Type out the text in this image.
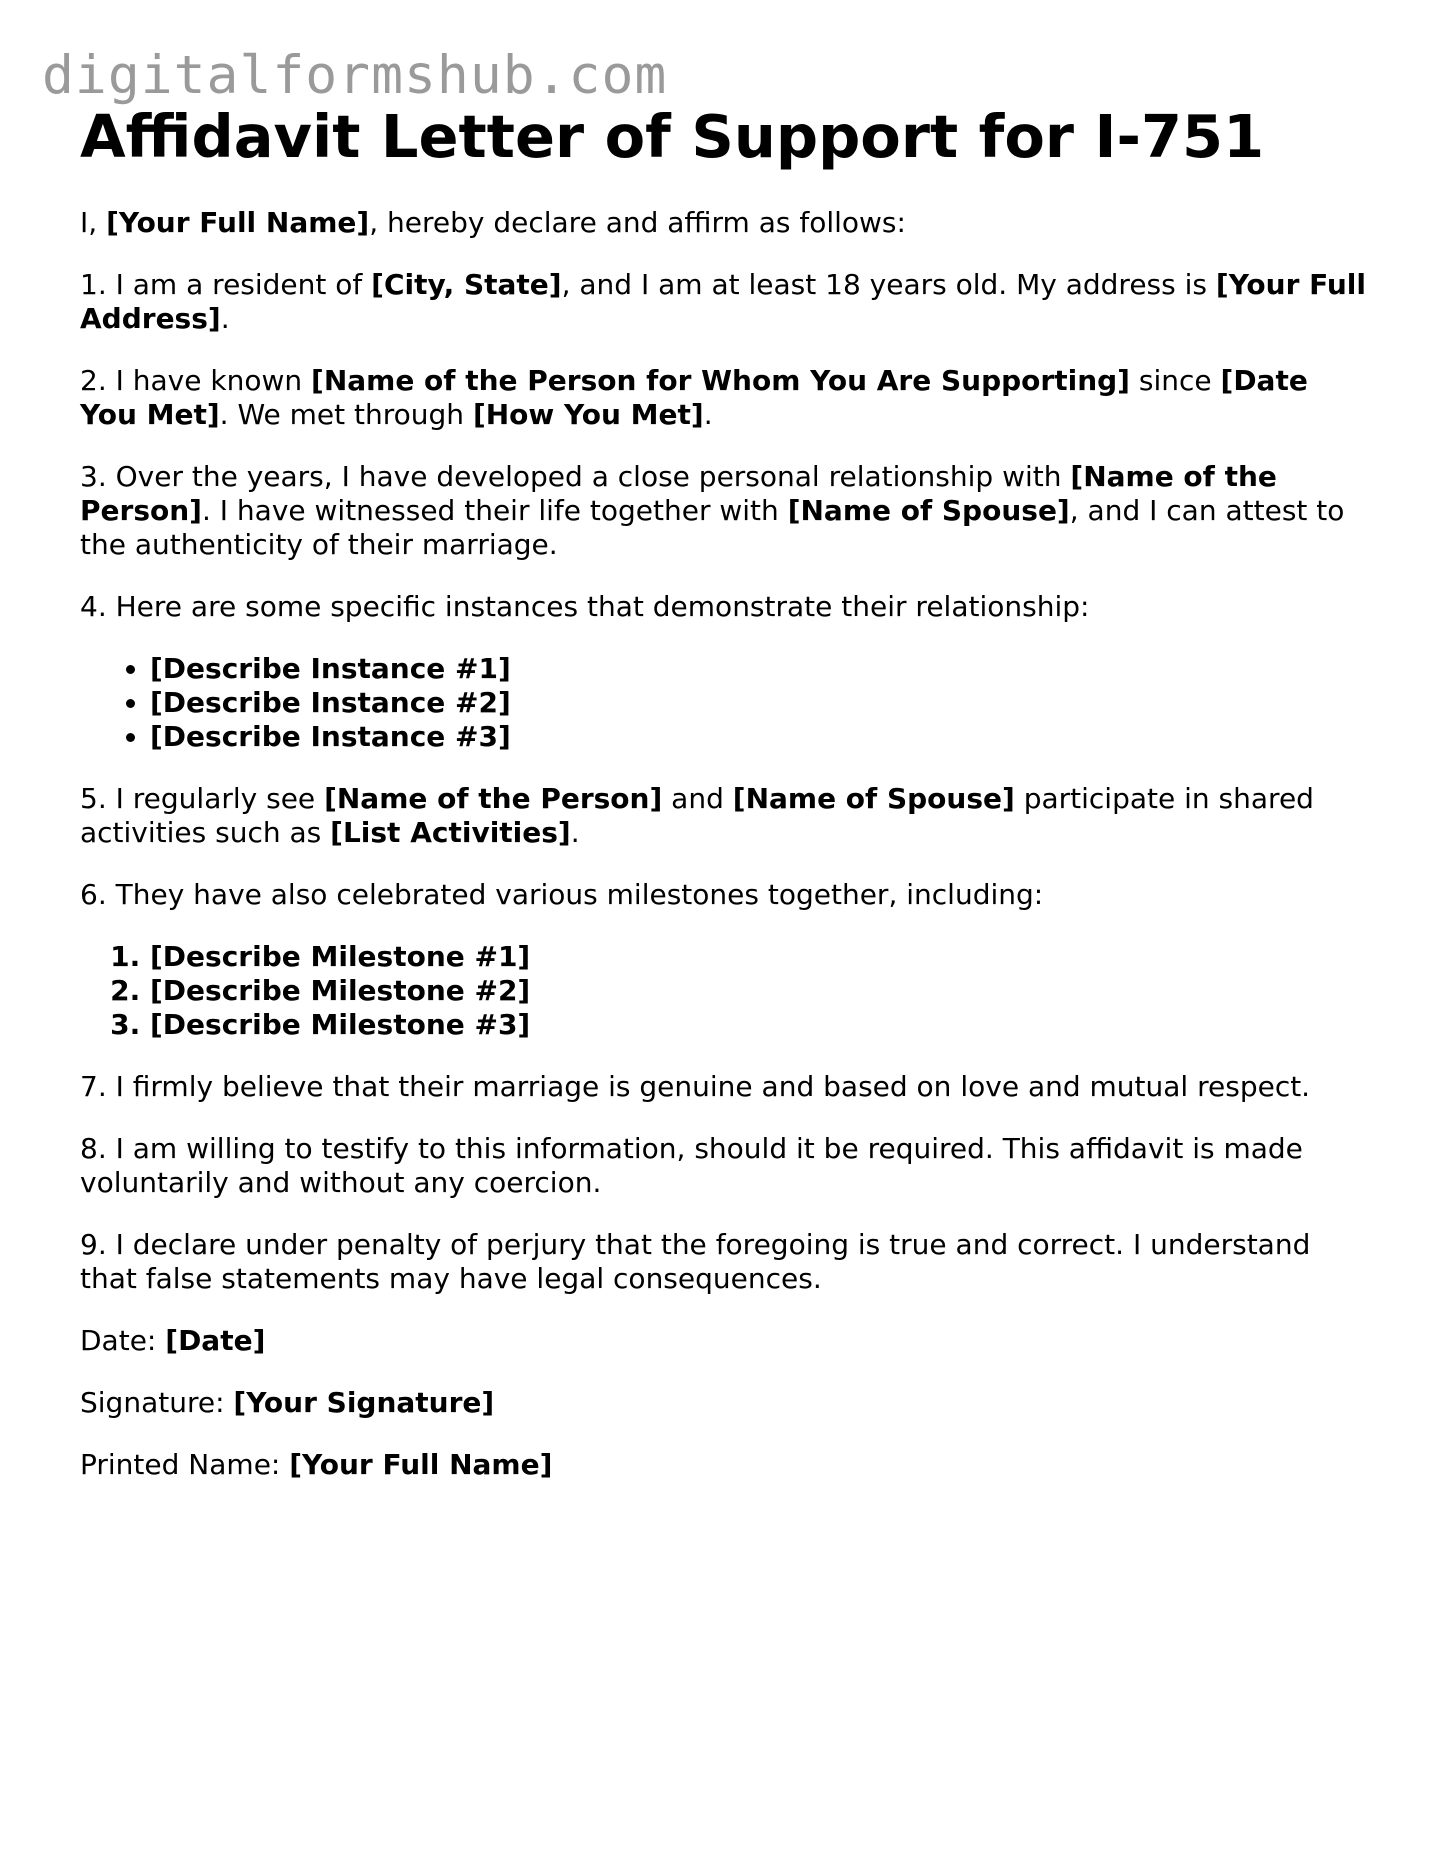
digitalformshub.com
Affidavit Letter of Support for I-751

I, [Your Full Name], hereby declare and affirm as follows:

1. I am a resident of [City, State], and I am at least 18 years old. My address is [Your Full Address].

2. I have known [Name of the Person for Whom You Are Supporting] since [Date You Met]. We met through [How You Met].

3. Over the years, I have developed a close personal relationship with [Name of the Person]. I have witnessed their life together with [Name of Spouse], and I can attest to the authenticity of their marriage.

4. Here are some specific instances that demonstrate their relationship:

• [Describe Instance #1]
• [Describe Instance #2]
• [Describe Instance #3]

5. I regularly see [Name of the Person] and [Name of Spouse] participate in shared activities such as [List Activities].

6. They have also celebrated various milestones together, including:

1. [Describe Milestone #1]
2. [Describe Milestone #2]
3. [Describe Milestone #3]

7. I firmly believe that their marriage is genuine and based on love and mutual respect.

8. I am willing to testify to this information, should it be required. This affidavit is made voluntarily and without any coercion.

9. I declare under penalty of perjury that the foregoing is true and correct. I understand that false statements may have legal consequences.

Date: [Date]

Signature: [Your Signature]

Printed Name: [Your Full Name]
